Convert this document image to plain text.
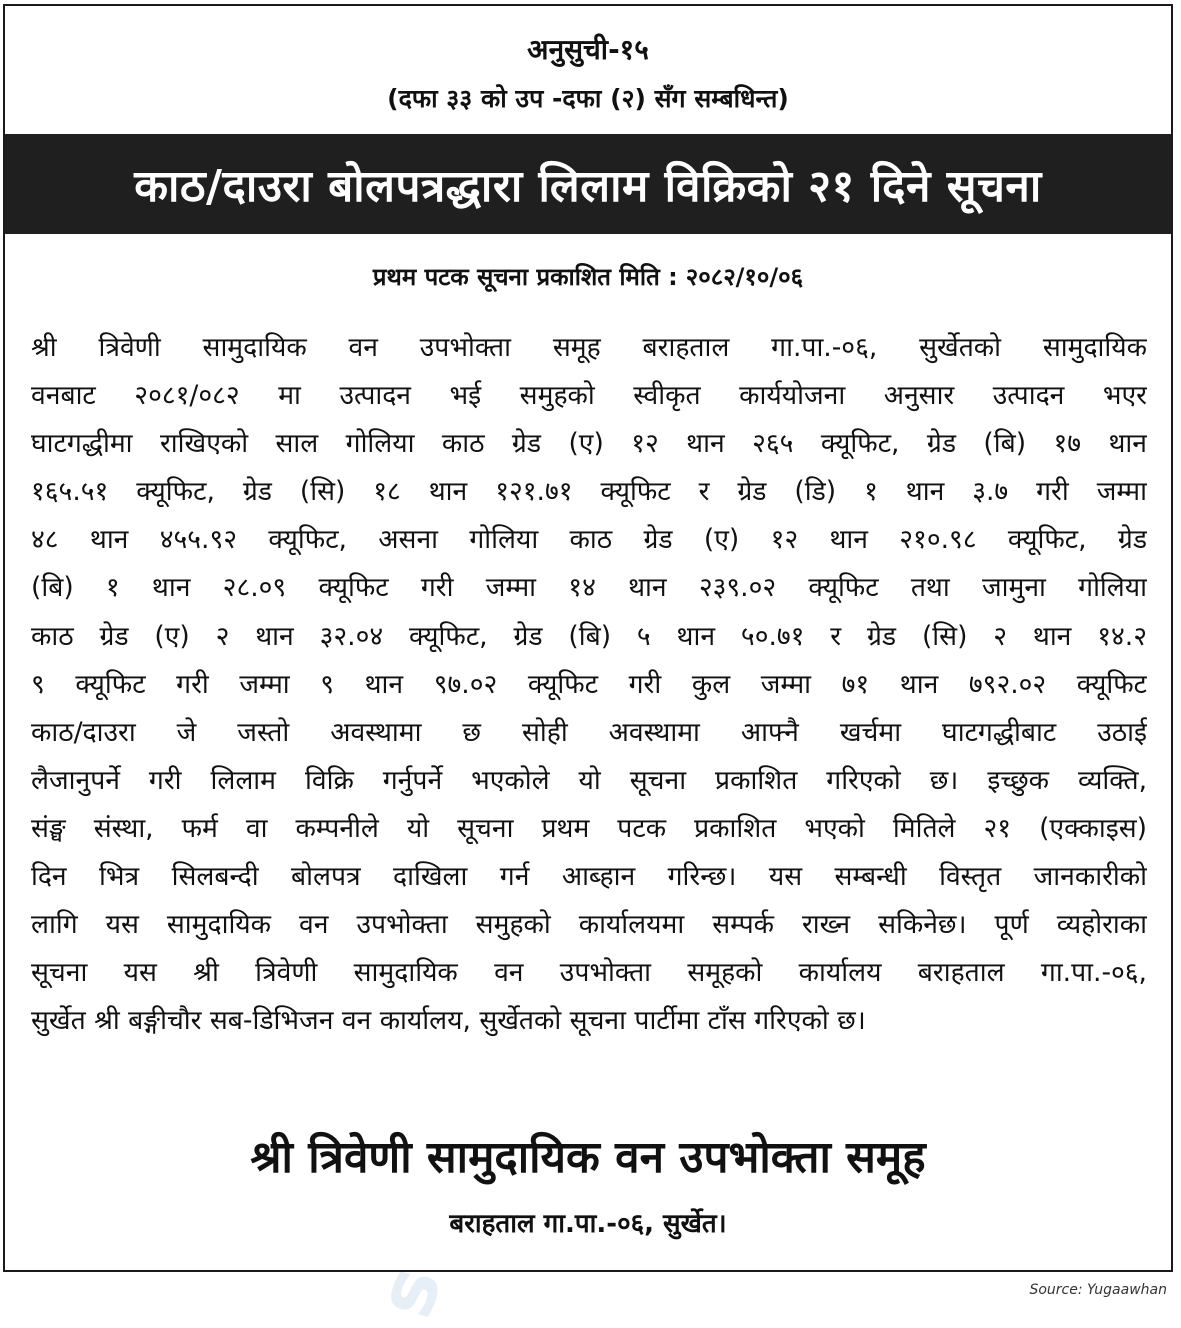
अनुसुची-१५
(दफा ३३ को उप -दफा (२) सँग सम्बधिन्त)
काठ/दाउरा बोलपत्रद्धारा लिलाम विक्रिको २१ दिने सूचना
प्रथम पटक सूचना प्रकाशित मिति : २०८२/१०/०६
श्री त्रिवेणी सामुदायिक वन उपभोक्ता समूह बराहताल गा.पा.-०६, सुर्खेतको सामुदायिक
वनबाट २०८१/०८२ मा उत्पादन भई समुहको स्वीकृत कार्ययोजना अनुसार उत्पादन भएर
घाटगद्धीमा राखिएको साल गोलिया काठ ग्रेड (ए) १२ थान २६५ क्यूफिट, ग्रेड (बि) १७ थान
१६५.५१ क्यूफिट, ग्रेड (सि) १८ थान १२१.७१ क्यूफिट र ग्रेड (डि) १ थान ३.७ गरी जम्मा
४८ थान ४५५.९२ क्यूफिट, असना गोलिया काठ ग्रेड (ए) १२ थान २१०.९८ क्यूफिट, ग्रेड
(बि) १ थान २८.०९ क्यूफिट गरी जम्मा १४ थान २३९.०२ क्यूफिट तथा जामुना गोलिया
काठ ग्रेड (ए) २ थान ३२.०४ क्यूफिट, ग्रेड (बि) ५ थान ५०.७१ र ग्रेड (सि) २ थान १४.२
९ क्यूफिट गरी जम्मा ९ थान ९७.०२ क्यूफिट गरी कुल जम्मा ७१ थान ७९२.०२ क्यूफिट
काठ/दाउरा जे जस्तो अवस्थामा छ सोही अवस्थामा आफ्नै खर्चमा घाटगद्धीबाट उठाई
लैजानुपर्ने गरी लिलाम विक्रि गर्नुपर्ने भएकोले यो सूचना प्रकाशित गरिएको छ। इच्छुक व्यक्ति,
संङ्घ संस्था, फर्म वा कम्पनीले यो सूचना प्रथम पटक प्रकाशित भएको मितिले २१ (एक्काइस)
दिन भित्र सिलबन्दी बोलपत्र दाखिला गर्न आब्हान गरिन्छ। यस सम्बन्धी विस्तृत जानकारीको
लागि यस सामुदायिक वन उपभोक्ता समुहको कार्यालयमा सम्पर्क राख्न सकिनेछ। पूर्ण व्यहोराका
सूचना यस श्री त्रिवेणी सामुदायिक वन उपभोक्ता समूहको कार्यालय बराहताल गा.पा.-०६,
सुर्खेत श्री बङ्गीचौर सब-डिभिजन वन कार्यालय, सुर्खेतको सूचना पार्टीमा टाँस गरिएको छ।
श्री त्रिवेणी सामुदायिक वन उपभोक्ता समूह
बराहताल गा.पा.-०६, सुर्खेत।
Source: Yugaawhan
